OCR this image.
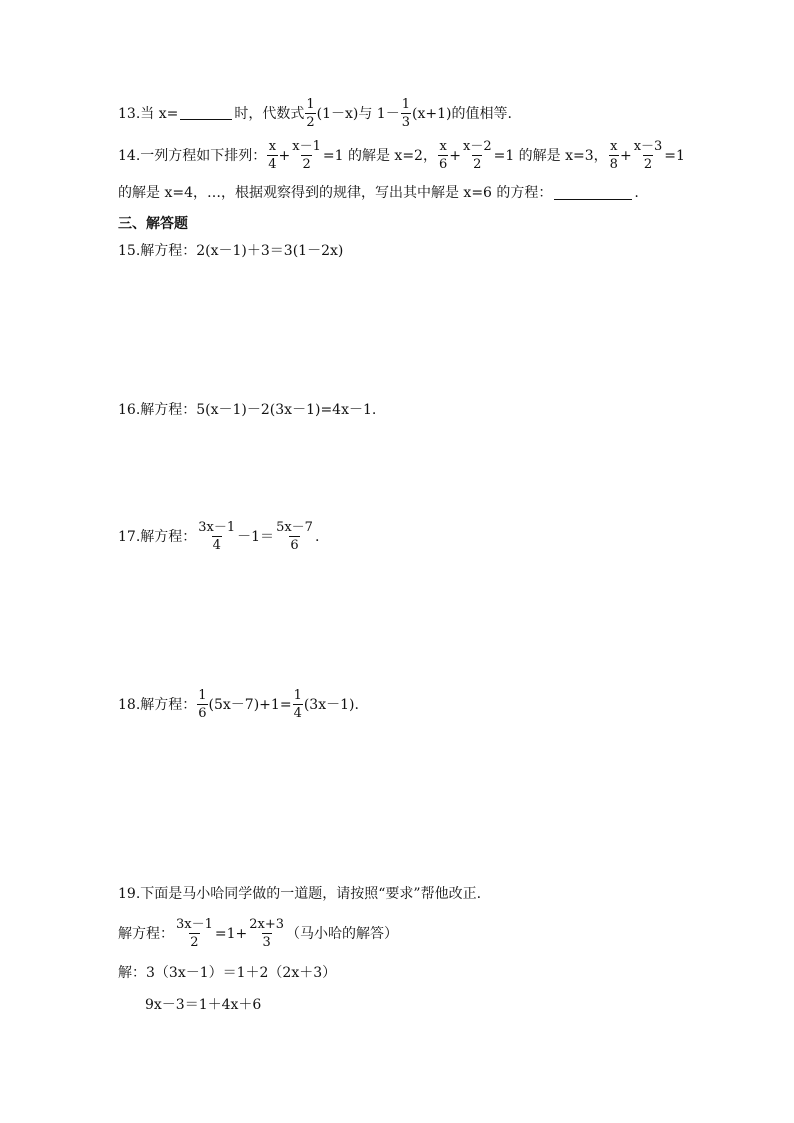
13.当 x=	时，代数式 $\frac{1}{2} (1-x)$与 $1- \frac{1}{3} (x+1)$的值相等.
14.一列方程如下排列： $\frac{x}{4} + \frac{x-1}{2} =1$ 的解是 x=2， $\frac{x}{6} + \frac{x-2}{2} =1$ 的解是 x=3， $\frac{x}{8} + \frac{x-3}{2} =1$
的解是 x=4，…，根据观察得到的规律，写出其中解是 x=6 的方程：	.
三、解答题
15.解方程：2(x－1)＋3＝3(1－2x)
16.解方程：5(x－1)－2(3x－1)=4x－1.
17.解方程： $\frac{3x-1}{4} -1= \frac{5x-7}{6}$ .
18.解方程： $\frac{1}{6} (5x-7)+1= \frac{1}{4} (3x-1)$.
19.下面是马小哈同学做的一道题，请按照“要求”帮他改正.
解方程： $\frac{3x-1}{2} =1+ \frac{2x+3}{3}$ （马小哈的解答）
解：3（3x－1）＝1＋2（2x＋3）
9x－3＝1＋4x＋6
